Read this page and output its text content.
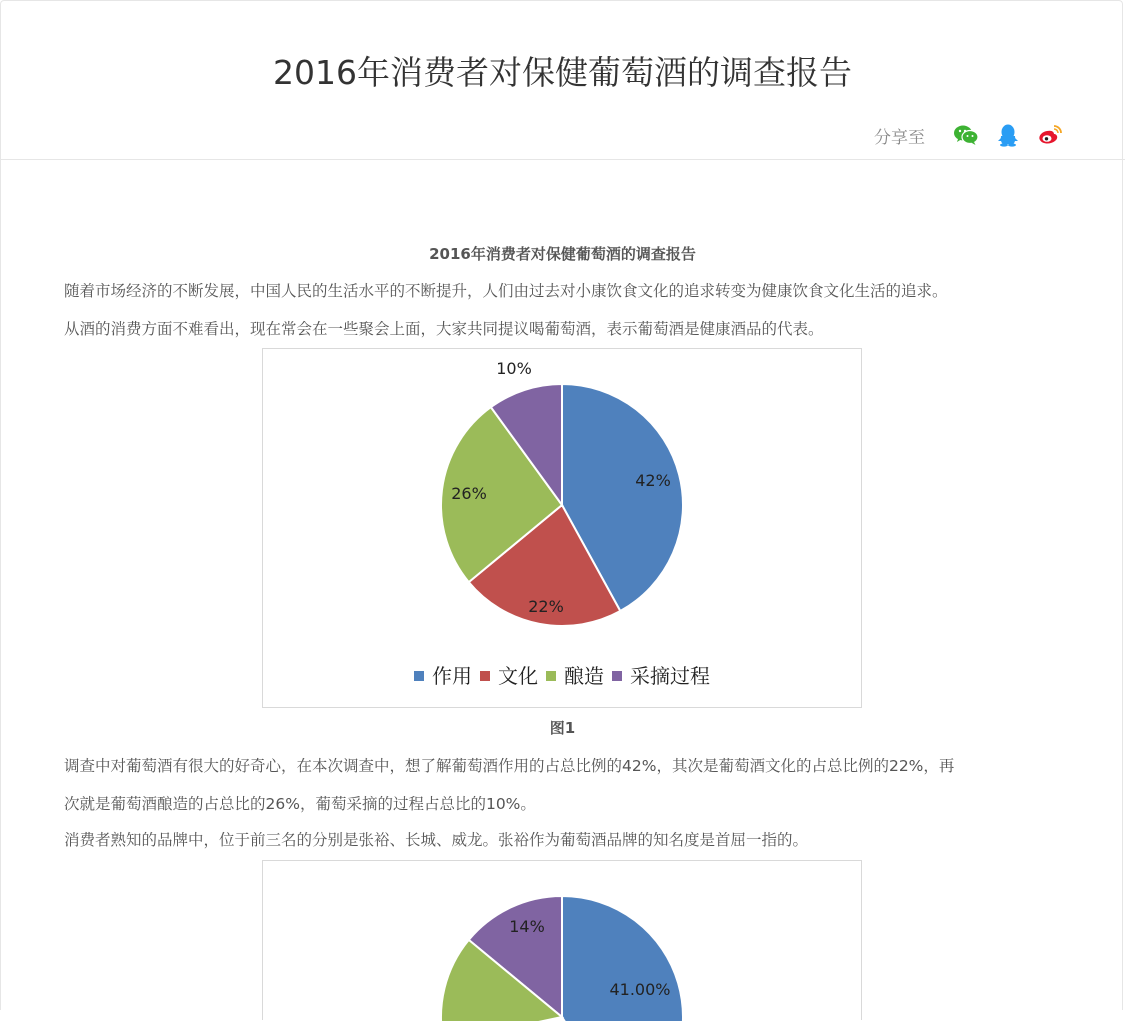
2016年消费者对保健葡萄酒的调查报告
分享至
2016年消费者对保健葡萄酒的调查报告

随着市场经济的不断发展，中国人民的生活水平的不断提升，人们由过去对小康饮食文化的追求转变为健康饮食文化生活的追求。

从酒的消费方面不难看出，现在常会在一些聚会上面，大家共同提议喝葡萄酒，表示葡萄酒是健康酒品的代表。

42%
22%
26%
10%
作用 文化 酿造 采摘过程
图1

调查中对葡萄酒有很大的好奇心，在本次调查中，想了解葡萄酒作用的占总比例的42%，其次是葡萄酒文化的占总比例的22%，再

次就是葡萄酒酿造的占总比的26%，葡萄采摘的过程占总比的10%。

消费者熟知的品牌中，位于前三名的分别是张裕、长城、威龙。张裕作为葡萄酒品牌的知名度是首屈一指的。

41.00%
14%
